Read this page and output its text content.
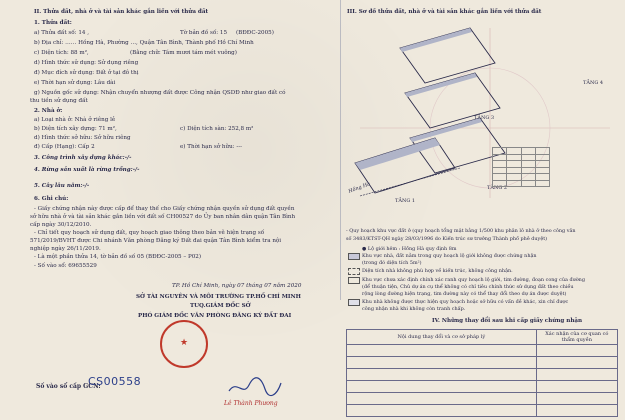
II. Thửa đất, nhà ở và tài sản khác gắn liền với thửa đất
1. Thửa đất:
a) Thửa đất số: 14 ,	Tờ bản đồ số: 15 (BĐĐC-2005)
b) Địa chỉ: …… Hồng Hà, Phường …, Quận Tân Bình, Thành phố Hồ Chí Minh
c) Diện tích: 88 m²,	(Bằng chữ: Tám mươi tám mét vuông)
d) Hình thức sử dụng: Sử dụng riêng
đ) Mục đích sử dụng: Đất ở tại đô thị
e) Thời hạn sử dụng: Lâu dài
g) Nguồn gốc sử dụng: Nhận chuyển nhượng đất được Công nhận QSDĐ như giao đất có
thu tiền sử dụng đất
2. Nhà ở:
a) Loại nhà ở: Nhà ở riêng lẻ
b) Diện tích xây dựng: 71 m²,	c) Diện tích sàn: 252,8 m²
d) Hình thức sở hữu: Sở hữu riêng
đ) Cấp (Hạng): Cấp 2	e) Thời hạn sở hữu: ---
3. Công trình xây dựng khác:-/-
4. Rừng sản xuất là rừng trồng:-/-
5. Cây lâu năm:-/-
6. Ghi chú:
- Giấy chứng nhận này được cấp để thay thế cho Giấy chứng nhận quyền sử dụng đất quyền
sở hữu nhà ở và tài sản khác gắn liền với đất số CH00527 do Ủy ban nhân dân quận Tân Bình
cấp ngày 30/12/2010.
- Chỉ tiết quy hoạch sử dụng đất, quy hoạch giao thông theo bản vẽ hiện trạng số
571/2019/BVHT được Chi nhánh Văn phòng Đăng ký Đất đai quận Tân Bình kiểm tra nội
nghiệp ngày 26/11/2019.
- Là một phần thửa 14, tờ bản đồ số 05 (BĐĐC-2005 – P02)
- Số vào sổ: 69655529
TP. Hồ Chí Minh, ngày 07 tháng 07 năm 2020
SỞ TÀI NGUYÊN VÀ MÔI TRƯỜNG TP.HỒ CHÍ MINH
TUQ.GIÁM ĐỐC SỞ
PHÓ GIÁM ĐỐC VĂN PHÒNG ĐĂNG KÝ ĐẤT ĐAI
★
Lê Thành Phương
Số vào sổ cấp GCN:
CS00558
III. Sơ đồ thửa đất, nhà ở và tài sản khác gắn liền với thửa đất
TẦNG 4
TẦNG 3
TẦNG 2
TẦNG 1
Hồng Hà

- Quy hoạch khu vực đất ở (quy hoạch tổng mặt bằng 1/500 khu phân lô nhà ở theo công văn
số 3483/KTST-QH ngày 28/03/1996 do Kiến trúc sư trưởng Thành phố phê duyệt)
● Lộ giới hẻm : Hồng Hà quy định 8m
Khu vực nhà, đất nằm trong quy hoạch lộ giới không được chứng nhận
(trong đó diện tích 5m²)
Diện tích nhà không phù hợp về kiến trúc, không công nhận.
Khu vực chưa xác định chính xác ranh quy hoạch lộ giới, tim đường, đoạn cong của đường
(để thuận tiện, Chủ dự án cụ thể không có chỉ tiêu chính thức sử dụng đất theo chiều
rộng lòng đường hiện trạng, tim đường này có thể thay đổi theo dự án được duyệt)
Khu nhà không được thực hiện quy hoạch hoặc sở hữu có vấn đề khác, xin chỉ được
công nhận nhà khi không còn tranh chấp.
IV. Những thay đổi sau khi cấp giấy chứng nhận
Nội dung thay đổi và cơ sở pháp lý	Xác nhận của cơ quan có thẩm quyền
